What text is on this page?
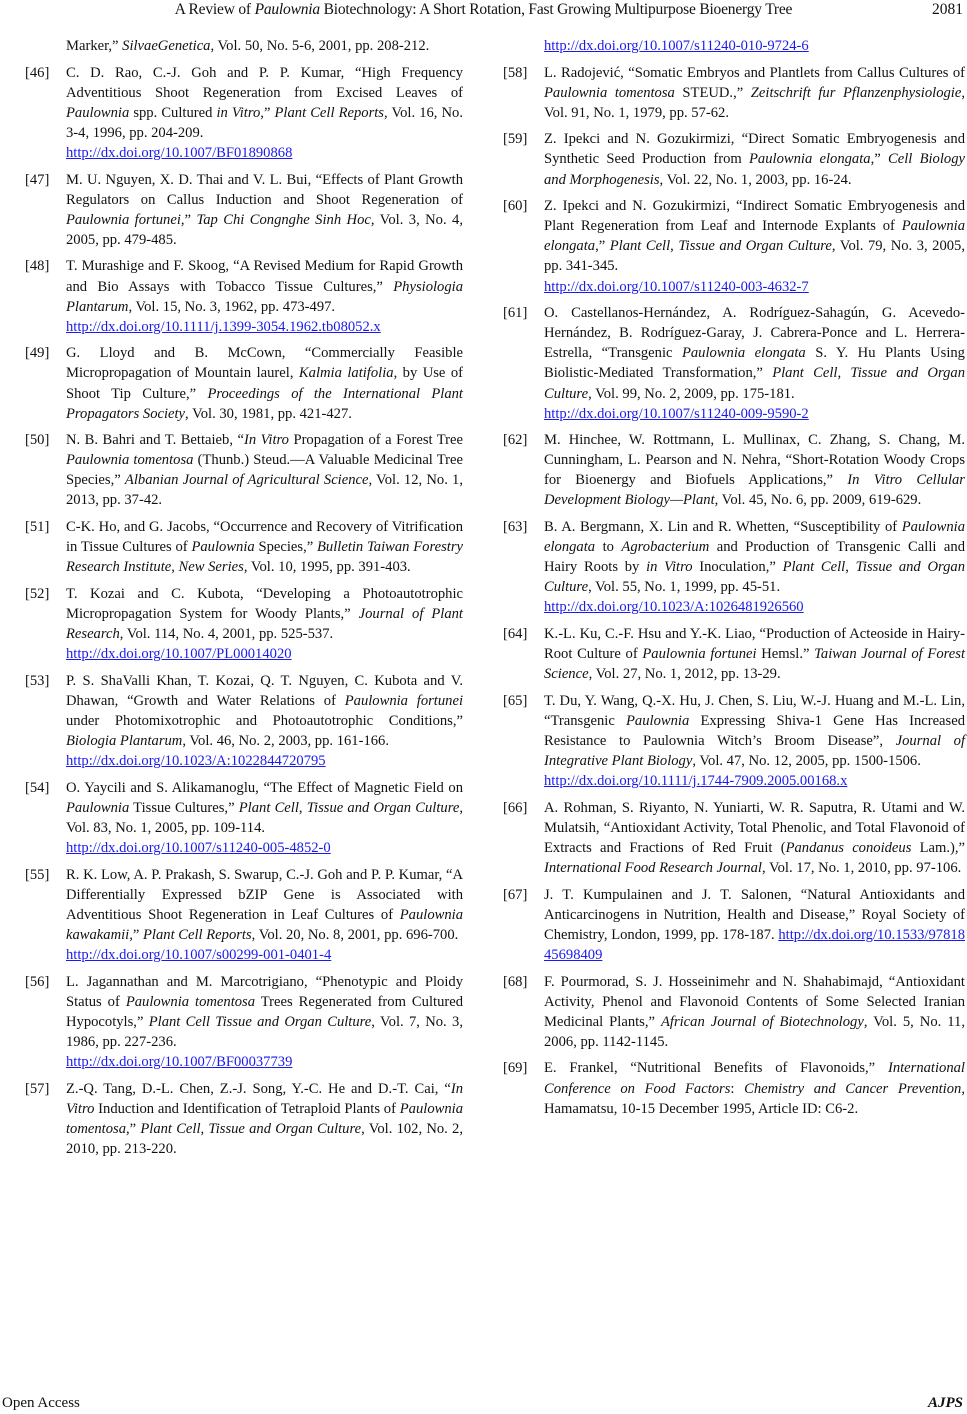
A Review of Paulownia Biotechnology: A Short Rotation, Fast Growing Multipurpose Bioenergy Tree	2081
Marker,” SilvaeGenetica, Vol. 50, No. 5-6, 2001, pp. 208-212.
[46] C. D. Rao, C.-J. Goh and P. P. Kumar, “High Frequency Adventitious Shoot Regeneration from Excised Leaves of Paulownia spp. Cultured in Vitro,” Plant Cell Reports, Vol. 16, No. 3-4, 1996, pp. 204-209.
http://dx.doi.org/10.1007/BF01890868
[47] M. U. Nguyen, X. D. Thai and V. L. Bui, “Effects of Plant Growth Regulators on Callus Induction and Shoot Regeneration of Paulownia fortunei,” Tap Chi Congnghe Sinh Hoc, Vol. 3, No. 4, 2005, pp. 479-485.
[48] T. Murashige and F. Skoog, “A Revised Medium for Rapid Growth and Bio Assays with Tobacco Tissue Cultures,” Physiologia Plantarum, Vol. 15, No. 3, 1962, pp. 473-497.
http://dx.doi.org/10.1111/j.1399-3054.1962.tb08052.x
[49] G. Lloyd and B. McCown, “Commercially Feasible Micropropagation of Mountain laurel, Kalmia latifolia, by Use of Shoot Tip Culture,” Proceedings of the International Plant Propagators Society, Vol. 30, 1981, pp. 421-427.
[50] N. B. Bahri and T. Bettaieb, “In Vitro Propagation of a Forest Tree Paulownia tomentosa (Thunb.) Steud.—A Valuable Medicinal Tree Species,” Albanian Journal of Agricultural Science, Vol. 12, No. 1, 2013, pp. 37-42.
[51] C-K. Ho, and G. Jacobs, “Occurrence and Recovery of Vitrification in Tissue Cultures of Paulownia Species,” Bulletin Taiwan Forestry Research Institute, New Series, Vol. 10, 1995, pp. 391-403.
[52] T. Kozai and C. Kubota, “Developing a Photoautotrophic Micropropagation System for Woody Plants,” Journal of Plant Research, Vol. 114, No. 4, 2001, pp. 525-537.
http://dx.doi.org/10.1007/PL00014020
[53] P. S. ShaValli Khan, T. Kozai, Q. T. Nguyen, C. Kubota and V. Dhawan, “Growth and Water Relations of Paulownia fortunei under Photomixotrophic and Photoautotrophic Conditions,” Biologia Plantarum, Vol. 46, No. 2, 2003, pp. 161-166.
http://dx.doi.org/10.1023/A:1022844720795
[54] O. Yaycili and S. Alikamanoglu, “The Effect of Magnetic Field on Paulownia Tissue Cultures,” Plant Cell, Tissue and Organ Culture, Vol. 83, No. 1, 2005, pp. 109-114.
http://dx.doi.org/10.1007/s11240-005-4852-0
[55] R. K. Low, A. P. Prakash, S. Swarup, C.-J. Goh and P. P. Kumar, “A Differentially Expressed bZIP Gene is Associated with Adventitious Shoot Regeneration in Leaf Cultures of Paulownia kawakamii,” Plant Cell Reports, Vol. 20, No. 8, 2001, pp. 696-700.
http://dx.doi.org/10.1007/s00299-001-0401-4
[56] L. Jagannathan and M. Marcotrigiano, “Phenotypic and Ploidy Status of Paulownia tomentosa Trees Regenerated from Cultured Hypocotyls,” Plant Cell Tissue and Organ Culture, Vol. 7, No. 3, 1986, pp. 227-236.
http://dx.doi.org/10.1007/BF00037739
[57] Z.-Q. Tang, D.-L. Chen, Z.-J. Song, Y.-C. He and D.-T. Cai, “In Vitro Induction and Identification of Tetraploid Plants of Paulownia tomentosa,” Plant Cell, Tissue and Organ Culture, Vol. 102, No. 2, 2010, pp. 213-220.
http://dx.doi.org/10.1007/s11240-010-9724-6
[58] L. Radojević, “Somatic Embryos and Plantlets from Callus Cultures of Paulownia tomentosa STEUD.,” Zeitschrift fur Pflanzenphysiologie, Vol. 91, No. 1, 1979, pp. 57-62.
[59] Z. Ipekci and N. Gozukirmizi, “Direct Somatic Embryogenesis and Synthetic Seed Production from Paulownia elongata,” Cell Biology and Morphogenesis, Vol. 22, No. 1, 2003, pp. 16-24.
[60] Z. Ipekci and N. Gozukirmizi, “Indirect Somatic Embryogenesis and Plant Regeneration from Leaf and Internode Explants of Paulownia elongata,” Plant Cell, Tissue and Organ Culture, Vol. 79, No. 3, 2005, pp. 341-345.
http://dx.doi.org/10.1007/s11240-003-4632-7
[61] O. Castellanos-Hernández, A. Rodríguez-Sahagún, G. Acevedo-Hernández, B. Rodríguez-Garay, J. Cabrera-Ponce and L. Herrera-Estrella, “Transgenic Paulownia elongata S. Y. Hu Plants Using Biolistic-Mediated Transformation,” Plant Cell, Tissue and Organ Culture, Vol. 99, No. 2, 2009, pp. 175-181.
http://dx.doi.org/10.1007/s11240-009-9590-2
[62] M. Hinchee, W. Rottmann, L. Mullinax, C. Zhang, S. Chang, M. Cunningham, L. Pearson and N. Nehra, “Short-Rotation Woody Crops for Bioenergy and Biofuels Applications,” In Vitro Cellular Development Biology—Plant, Vol. 45, No. 6, pp. 2009, 619-629.
[63] B. A. Bergmann, X. Lin and R. Whetten, “Susceptibility of Paulownia elongata to Agrobacterium and Production of Transgenic Calli and Hairy Roots by in Vitro Inoculation,” Plant Cell, Tissue and Organ Culture, Vol. 55, No. 1, 1999, pp. 45-51.
http://dx.doi.org/10.1023/A:1026481926560
[64] K.-L. Ku, C.-F. Hsu and Y.-K. Liao, “Production of Acteoside in Hairy-Root Culture of Paulownia fortunei Hemsl.” Taiwan Journal of Forest Science, Vol. 27, No. 1, 2012, pp. 13-29.
[65] T. Du, Y. Wang, Q.-X. Hu, J. Chen, S. Liu, W.-J. Huang and M.-L. Lin, “Transgenic Paulownia Expressing Shiva-1 Gene Has Increased Resistance to Paulownia Witch’s Broom Disease”, Journal of Integrative Plant Biology, Vol. 47, No. 12, 2005, pp. 1500-1506.
http://dx.doi.org/10.1111/j.1744-7909.2005.00168.x
[66] A. Rohman, S. Riyanto, N. Yuniarti, W. R. Saputra, R. Utami and W. Mulatsih, “Antioxidant Activity, Total Phenolic, and Total Flavonoid of Extracts and Fractions of Red Fruit (Pandanus conoideus Lam.),” International Food Research Journal, Vol. 17, No. 1, 2010, pp. 97-106.
[67] J. T. Kumpulainen and J. T. Salonen, “Natural Antioxidants and Anticarcinogens in Nutrition, Health and Disease,” Royal Society of Chemistry, London, 1999, pp. 178-187. http://dx.doi.org/10.1533/9781845698409
[68] F. Pourmorad, S. J. Hosseinimehr and N. Shahabimajd, “Antioxidant Activity, Phenol and Flavonoid Contents of Some Selected Iranian Medicinal Plants,” African Journal of Biotechnology, Vol. 5, No. 11, 2006, pp. 1142-1145.
[69] E. Frankel, “Nutritional Benefits of Flavonoids,” International Conference on Food Factors: Chemistry and Cancer Prevention, Hamamatsu, 10-15 December 1995, Article ID: C6-2.
Open Access	AJPS
